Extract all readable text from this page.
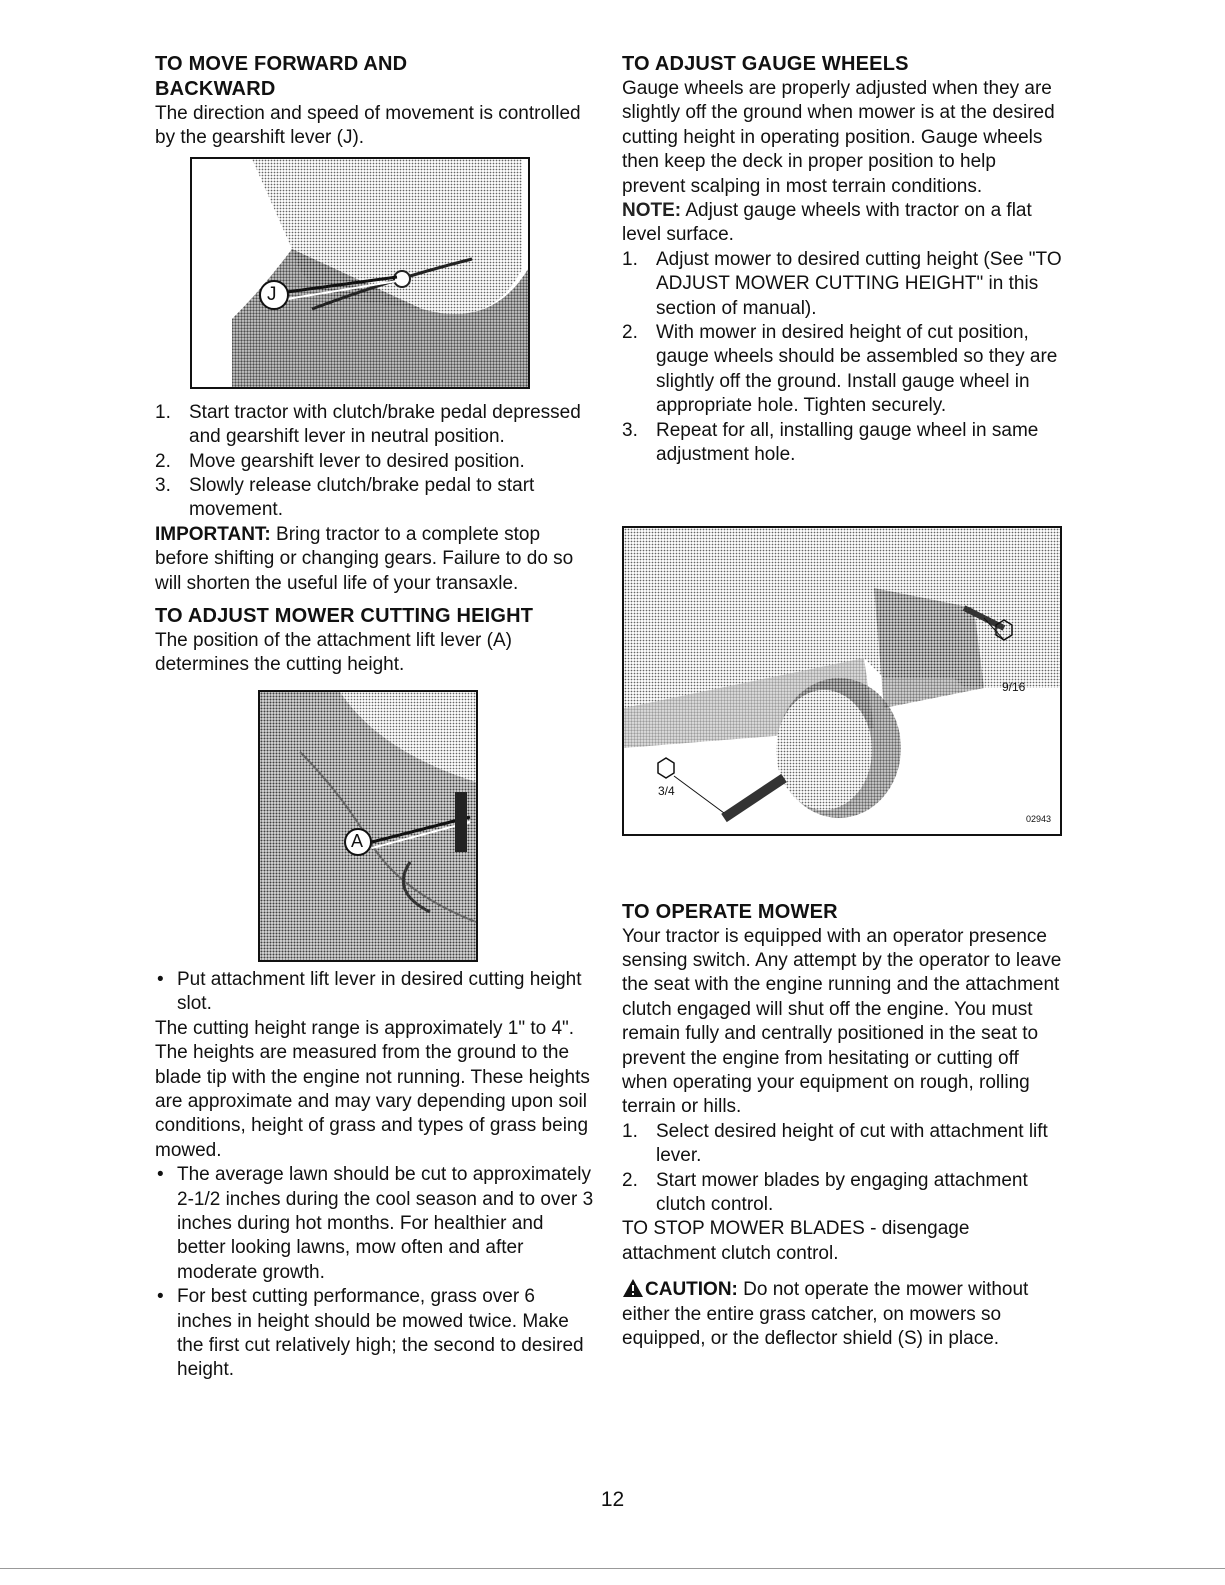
TO MOVE FORWARD AND
BACKWARD

The direction and speed of movement is controlled by the gearshift lever (J).

J
1. Start tractor with clutch/brake pedal depressed and gearshift lever in neutral position.
2. Move gearshift lever to desired position.
3. Slowly release clutch/brake pedal to start movement.

IMPORTANT: Bring tractor to a complete stop before shifting or changing gears. Failure to do so will shorten the useful life of your transaxle.

TO ADJUST MOWER CUTTING HEIGHT

The position of the attachment lift lever (A) determines the cutting height.

A
• Put attachment lift lever in desired cutting height slot.

The cutting height range is approximately 1" to 4". The heights are measured from the ground to the blade tip with the engine not running. These heights are approximate and may vary depending upon soil conditions, height of grass and types of grass being mowed.

• The average lawn should be cut to approximately 2-1/2 inches during the cool season and to over 3 inches during hot months. For healthier and better looking lawns, mow often and after moderate growth.
• For best cutting performance, grass over 6 inches in height should be mowed twice. Make the first cut relatively high; the second to desired height.
TO ADJUST GAUGE WHEELS

Gauge wheels are properly adjusted when they are slightly off the ground when mower is at the desired cutting height in operating position. Gauge wheels then keep the deck in proper position to help prevent scalping in most terrain conditions.

NOTE: Adjust gauge wheels with tractor on a flat level surface.

1. Adjust mower to desired cutting height (See "TO ADJUST MOWER CUTTING HEIGHT" in this section of manual).
2. With mower in desired height of cut position, gauge wheels should be assembled so they are slightly off the ground. Install gauge wheel in appropriate hole. Tighten securely.
3. Repeat for all, installing gauge wheel in same adjustment hole.
9/16
3/4
02943
TO OPERATE MOWER

Your tractor is equipped with an operator presence sensing switch. Any attempt by the operator to leave the seat with the engine running and the attachment clutch engaged will shut off the engine. You must remain fully and centrally positioned in the seat to prevent the engine from hesitating or cutting off when operating your equipment on rough, rolling terrain or hills.

1. Select desired height of cut with attachment lift lever.
2. Start mower blades by engaging attachment clutch control.

TO STOP MOWER BLADES - disengage attachment clutch control.

CAUTION: Do not operate the mower without either the entire grass catcher, on mowers so equipped, or the deflector shield (S) in place.

12
